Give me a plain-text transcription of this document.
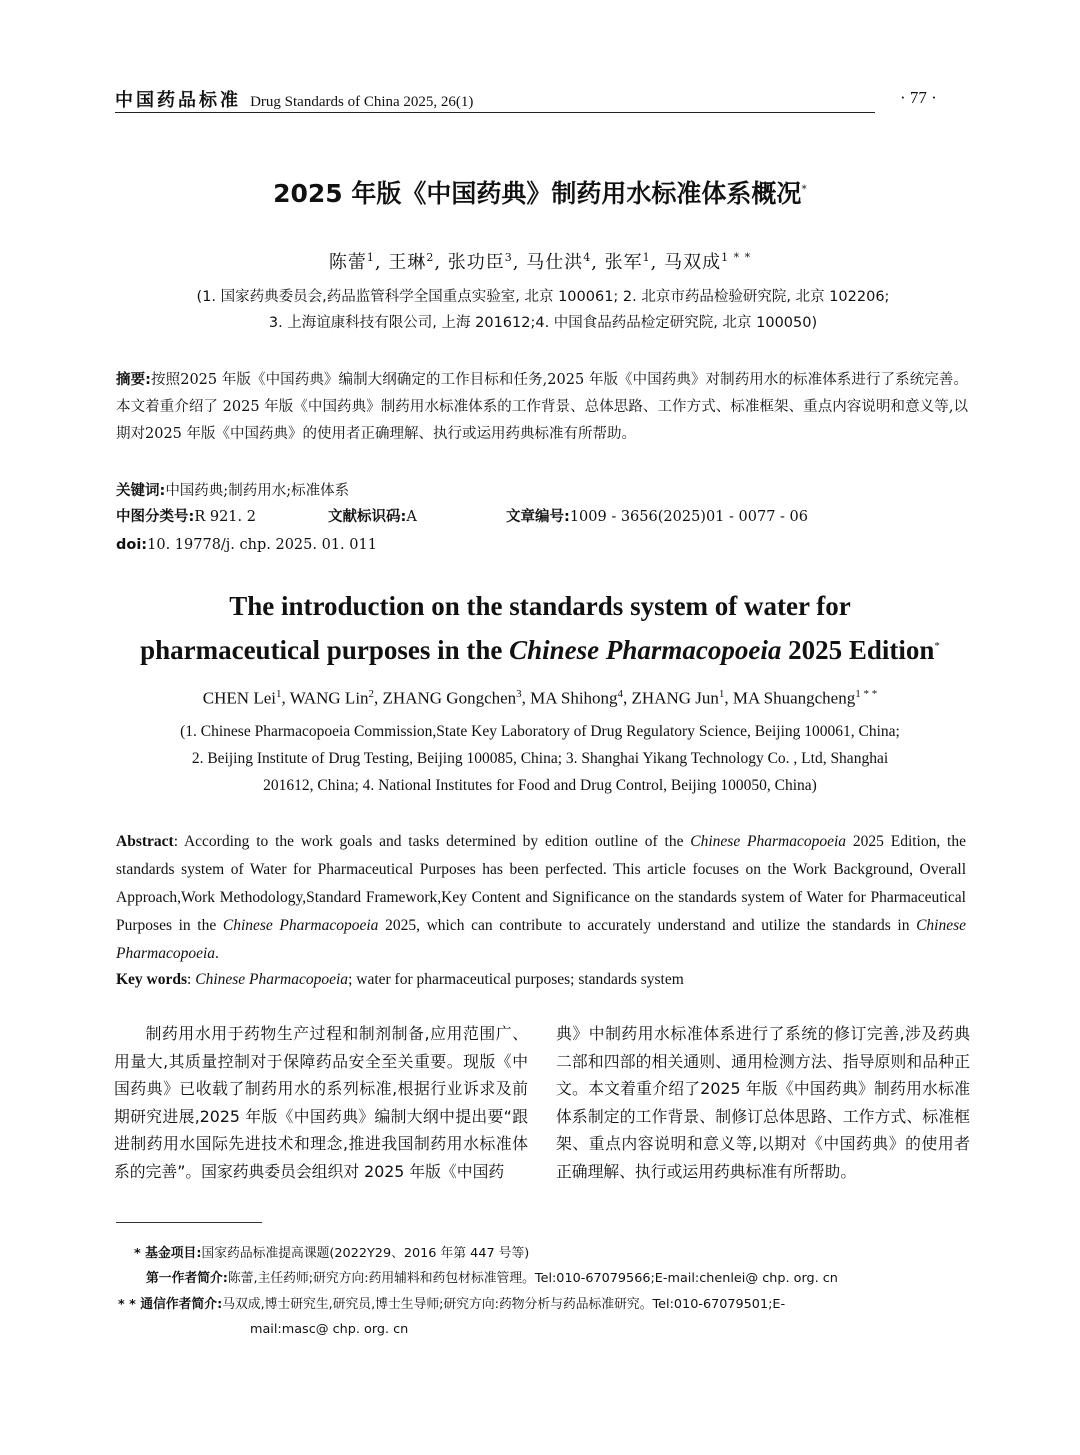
中国药品标准 Drug Standards of China 2025, 26(1)	· 77 ·
2025 年版《中国药典》制药用水标准体系概况*
陈蕾$^1$, 王琳$^2$, 张功臣$^3$, 马仕洪$^4$, 张军$^1$, 马双成$^{1 * *}$
(1. 国家药典委员会,药品监管科学全国重点实验室, 北京 100061; 2. 北京市药品检验研究院, 北京 102206;
3. 上海谊康科技有限公司, 上海 201612;4. 中国食品药品检定研究院, 北京 100050)
摘要:按照2025 年版《中国药典》编制大纲确定的工作目标和任务,2025 年版《中国药典》对制药用水的标准体系进行了系统完善。本文着重介绍了 2025 年版《中国药典》制药用水标准体系的工作背景、总体思路、工作方式、标准框架、重点内容说明和意义等,以期对2025 年版《中国药典》的使用者正确理解、执行或运用药典标准有所帮助。
关键词:中国药典;制药用水;标准体系
中图分类号:R 921. 2	文献标识码:A	文章编号:1009 - 3656(2025)01 - 0077 - 06
doi:10. 19778/j. chp. 2025. 01. 011
The introduction on the standards system of water for
pharmaceutical purposes in the Chinese Pharmacopoeia 2025 Edition*
CHEN Lei$^1$, WANG Lin$^2$, ZHANG Gongchen$^3$, MA Shihong$^4$, ZHANG Jun$^1$, MA Shuangcheng$^{1 * *}$
(1. Chinese Pharmacopoeia Commission,State Key Laboratory of Drug Regulatory Science, Beijing 100061, China;
2. Beijing Institute of Drug Testing, Beijing 100085, China; 3. Shanghai Yikang Technology Co. , Ltd, Shanghai
201612, China; 4. National Institutes for Food and Drug Control, Beijing 100050, China)
Abstract: According to the work goals and tasks determined by edition outline of the Chinese Pharmacopoeia 2025 Edition, the standards system of Water for Pharmaceutical Purposes has been perfected. This article focuses on the Work Background, Overall Approach,Work Methodology,Standard Framework,Key Content and Significance on the standards system of Water for Pharmaceutical Purposes in the Chinese Pharmacopoeia 2025, which can contribute to accurately understand and utilize the standards in Chinese Pharmacopoeia.
Key words: Chinese Pharmacopoeia; water for pharmaceutical purposes; standards system
制药用水用于药物生产过程和制剂制备,应用范围广、用量大,其质量控制对于保障药品安全至关重要。现版《中国药典》已收载了制药用水的系列标准,根据行业诉求及前期研究进展,2025 年版《中国药典》编制大纲中提出要“跟进制药用水国际先进技术和理念,推进我国制药用水标准体系的完善”。国家药典委员会组织对 2025 年版《中国药
典》中制药用水标准体系进行了系统的修订完善,涉及药典二部和四部的相关通则、通用检测方法、指导原则和品种正文。本文着重介绍了2025 年版《中国药典》制药用水标准体系制定的工作背景、制修订总体思路、工作方式、标准框架、重点内容说明和意义等,以期对《中国药典》的使用者正确理解、执行或运用药典标准有所帮助。
* 基金项目:国家药品标准提高课题(2022Y29、2016 年第 447 号等)
第一作者简介:陈蕾,主任药师;研究方向:药用辅料和药包材标准管理。Tel:010-67079566;E-mail:chenlei@ chp. org. cn
* * 通信作者简介:马双成,博士研究生,研究员,博士生导师;研究方向:药物分析与药品标准研究。Tel:010-67079501;E-
mail:masc@ chp. org. cn
